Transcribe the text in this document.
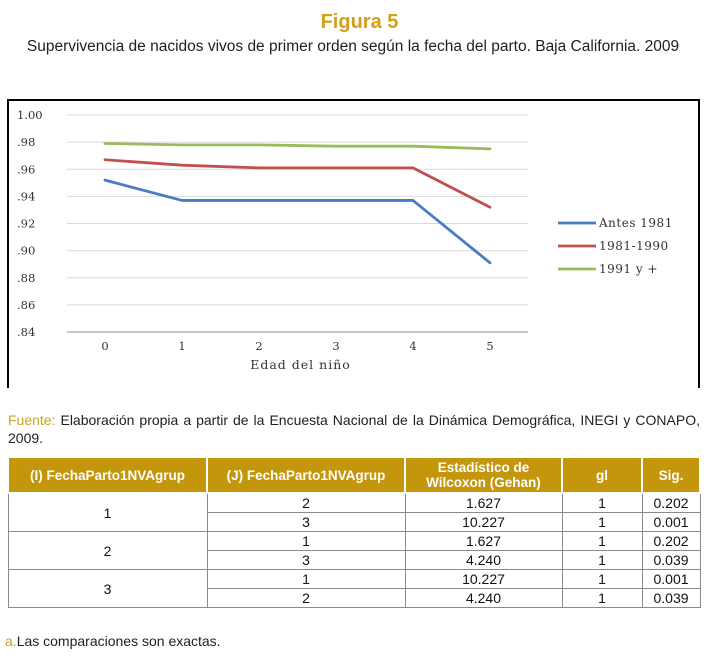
Figura 5
Supervivencia de nacidos vivos de primer orden según la fecha del parto. Baja California. 2009
.84
.86
.88
.90
.92
.94
.96
.98
1.00
0	1	2	3	4	5
Edad del niño
Antes 1981
1981-1990
1991 y +
Fuente: Elaboración propia a partir de la Encuesta Nacional de la Dinámica Demográfica, INEGI y CONAPO, 2009.
(I) FechaParto1NVAgrup	(J) FechaParto1NVAgrup	Estadístico de Wilcoxon (Gehan)	gl	Sig.
1	2	1.627	1	0.202
	3	10.227	1	0.001
2	1	1.627	1	0.202
	3	4.240	1	0.039
3	1	10.227	1	0.001
	2	4.240	1	0.039
a.Las comparaciones son exactas.
